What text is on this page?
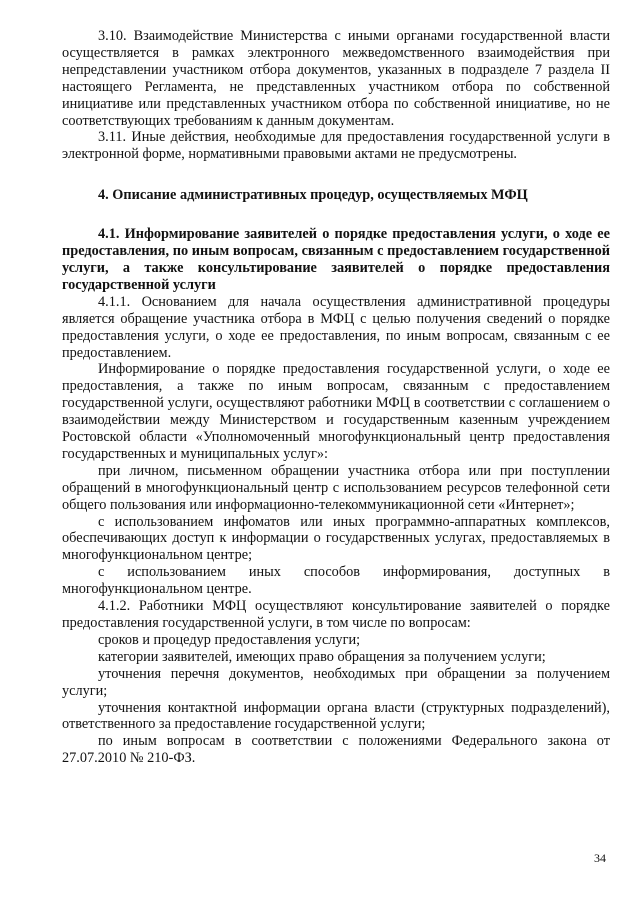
3.10. Взаимодействие Министерства с иными органами государственной власти осуществляется в рамках электронного межведомственного взаимодействия при непредставлении участником отбора документов, указанных в подразделе 7 раздела II настоящего Регламента, не представленных участником отбора по собственной инициативе или представленных участником отбора по собственной инициативе, но не соответствующих требованиям к данным документам.

3.11. Иные действия, необходимые для предоставления государственной услуги в электронной форме, нормативными правовыми актами не предусмотрены.

4. Описание административных процедур, осуществляемых МФЦ

4.1. Информирование заявителей о порядке предоставления услуги, о ходе ее предоставления, по иным вопросам, связанным с предоставлением государственной услуги, а также консультирование заявителей о порядке предоставления государственной услуги

4.1.1. Основанием для начала осуществления административной процедуры является обращение участника отбора в МФЦ с целью получения сведений о порядке предоставления услуги, о ходе ее предоставления, по иным вопросам, связанным с ее предоставлением.

Информирование о порядке предоставления государственной услуги, о ходе ее предоставления, а также по иным вопросам, связанным с предоставлением государственной услуги, осуществляют работники МФЦ в соответствии с соглашением о взаимодействии между Министерством и государственным казенным учреждением Ростовской области «Уполномоченный многофункциональный центр предоставления государственных и муниципальных услуг»:

при личном, письменном обращении участника отбора или при поступлении обращений в многофункциональный центр с использованием ресурсов телефонной сети общего пользования или информационно-телекоммуникационной сети «Интернет»;

с использованием инфоматов или иных программно-аппаратных комплексов, обеспечивающих доступ к информации о государственных услугах, предоставляемых в многофункциональном центре;

с использованием иных способов информирования, доступных в многофункциональном центре.

4.1.2. Работники МФЦ осуществляют консультирование заявителей о порядке предоставления государственной услуги, в том числе по вопросам:

сроков и процедур предоставления услуги;

категории заявителей, имеющих право обращения за получением услуги;

уточнения перечня документов, необходимых при обращении за получением услуги;

уточнения контактной информации органа власти (структурных подразделений), ответственного за предоставление государственной услуги;

по иным вопросам в соответствии с положениями Федерального закона от 27.07.2010 № 210-ФЗ.

34
